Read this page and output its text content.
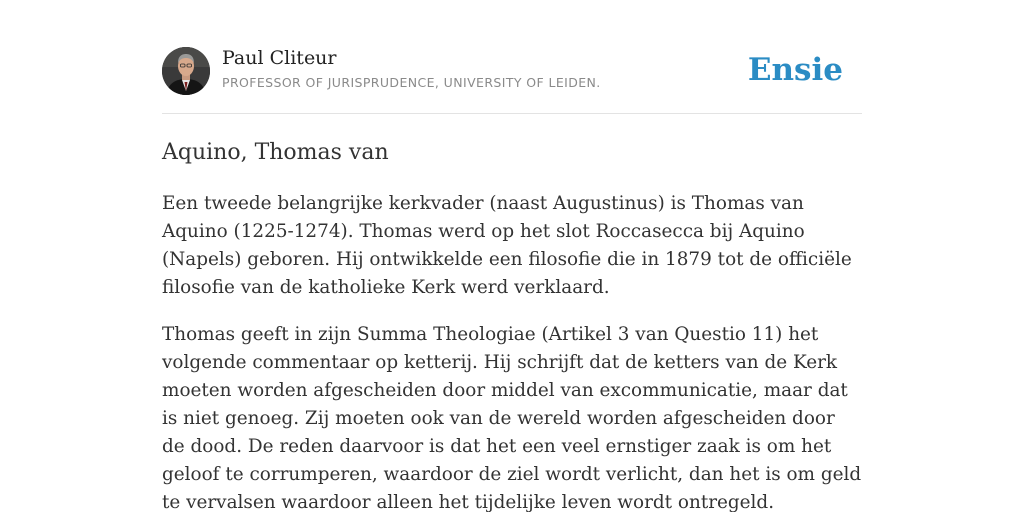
Paul Cliteur
PROFESSOR OF JURISPRUDENCE, UNIVERSITY OF LEIDEN.	Ensie
Aquino, Thomas van

Een tweede belangrijke kerkvader (naast Augustinus) is Thomas van Aquino (1225-1274). Thomas werd op het slot Roccasecca bij Aquino (Napels) geboren. Hij ontwikkelde een filosofie die in 1879 tot de officiële filosofie van de katholieke Kerk werd verklaard.

Thomas geeft in zijn Summa Theologiae (Artikel 3 van Questio 11) het volgende commentaar op ketterij. Hij schrijft dat de ketters van de Kerk moeten worden afgescheiden door middel van excommunicatie, maar dat is niet genoeg. Zij moeten ook van de wereld worden afgescheiden door de dood. De reden daarvoor is dat het een veel ernstiger zaak is om het geloof te corrumperen, waardoor de ziel wordt verlicht, dan het is om geld te vervalsen waardoor alleen het tijdelijke leven wordt ontregeld.
